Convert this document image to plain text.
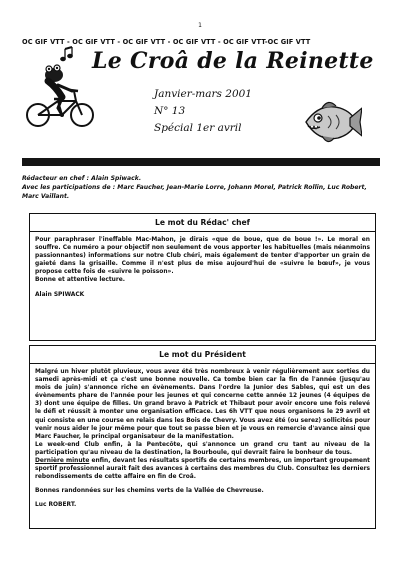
1
OC GIF VTT - OC GIF VTT - OC GIF VTT - OC GIF VTT - OC GIF VTT-OC GIF VTT
Le Croâ de la Reinette
Janvier-mars 2001
N° 13
Spécial 1er avril

Rédacteur en chef : Alain Spiwack.

Avec les participations de : Marc Faucher, Jean-Marie Lorre, Johann Morel, Patrick Rollin, Luc Robert, Marc Vaillant.

Le mot du Rédac' chef

Pour paraphraser l'ineffable Mac-Mahon, je dirais «que de boue, que de boue !». Le moral en souffre. Ce numéro a pour objectif non seulement de vous apporter les habituelles (mais néanmoins passionnantes) informations sur notre Club chéri, mais également de tenter d'apporter un grain de gaieté dans la grisaille. Comme il n'est plus de mise aujourd'hui de «suivre le bœuf», je vous propose cette fois de «suivre le poisson».

Bonne et attentive lecture.

Alain SPIWACK

Le mot du Président

Malgré un hiver plutôt pluvieux, vous avez été très nombreux à venir régulièrement aux sorties du samedi après-midi et ça c'est une bonne nouvelle. Ca tombe bien car la fin de l'année (jusqu'au mois de juin) s'annonce riche en évènements. Dans l'ordre la Junior des Sables, qui est un des évènements phare de l'année pour les jeunes et qui concerne cette année 12 jeunes (4 équipes de 3) dont une équipe de filles. Un grand bravo à Patrick et Thibaut pour avoir encore une fois relevé le défi et réussit à monter une organisation efficace. Les 6h VTT que nous organisons le 29 avril et qui consiste en une course en relais dans les Bois de Chevry. Vous avez été (ou serez) sollicités pour venir nous aider le jour même pour que tout se passe bien et je vous en remercie d'avance ainsi que Marc Faucher, le principal organisateur de la manifestation.

Le week-end Club enfin, à la Pentecôte, qui s'annonce un grand cru tant au niveau de la participation qu'au niveau de la destination, la Bourboule, qui devrait faire le bonheur de tous.

Dernière minute enfin, devant les résultats sportifs de certains membres, un important groupement sportif professionnel aurait fait des avances à certains des membres du Club. Consultez les derniers rebondissements de cette affaire en fin de Croâ.

Bonnes randonnées sur les chemins verts de la Vallée de Chevreuse.

Luc ROBERT.
